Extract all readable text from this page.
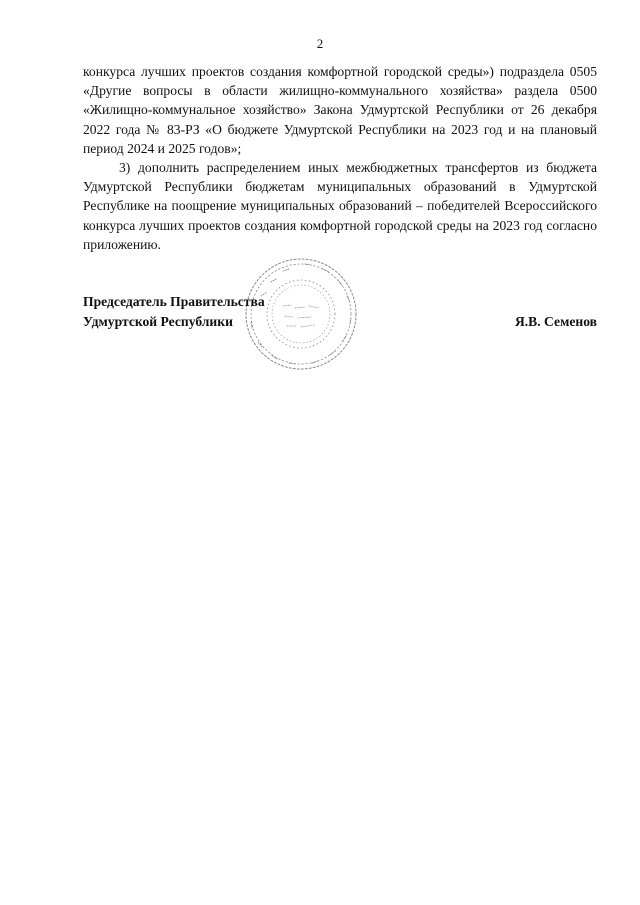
2

конкурса лучших проектов создания комфортной городской среды») подраздела 0505 «Другие вопросы в области жилищно-коммунального хозяйства» раздела 0500 «Жилищно-коммунальное хозяйство» Закона Удмуртской Республики от 26 декабря 2022 года № 83-РЗ «О бюджете Удмуртской Республики на 2023 год и на плановый период 2024 и 2025 годов»;

3) дополнить распределением иных межбюджетных трансфертов из бюджета Удмуртской Республики бюджетам муниципальных образований в Удмуртской Республике на поощрение муниципальных образований – победителей Всероссийского конкурса лучших проектов создания комфортной городской среды на 2023 год согласно приложению.

Председатель Правительства
Удмуртской Республики	Я.В. Семенов
